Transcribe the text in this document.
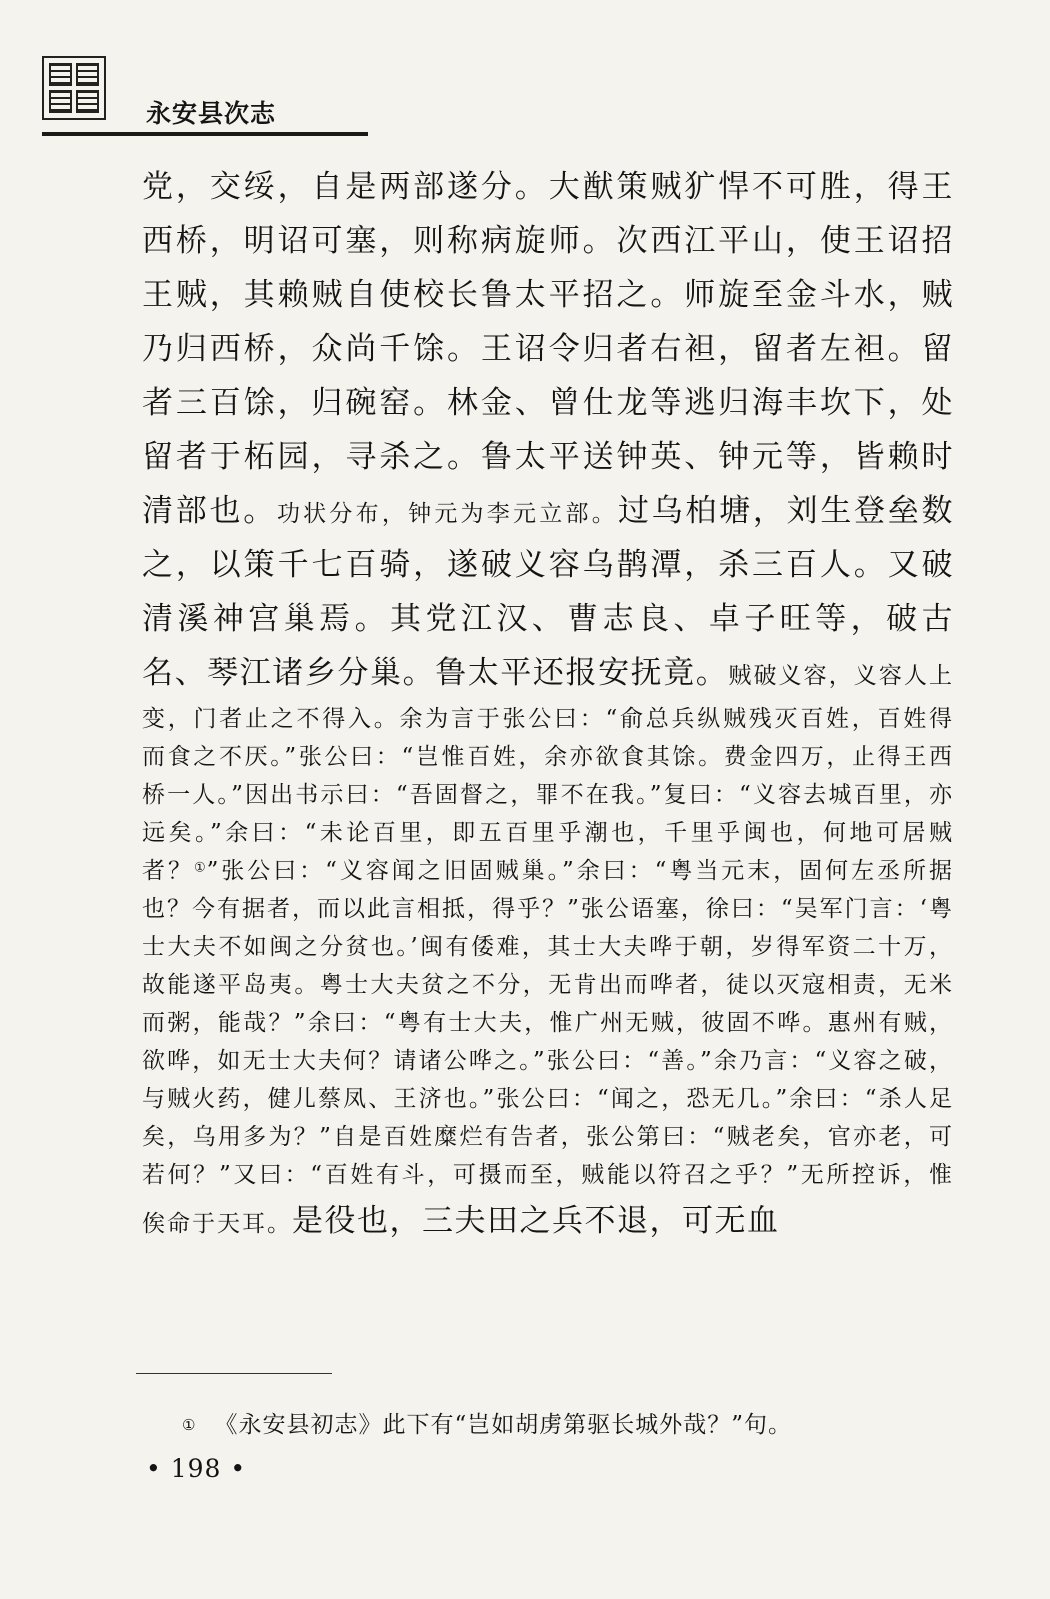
永安县次志

党，交绥，自是两部遂分。大猷策贼犷悍不可胜，得王西桥，明诏可塞，则称病旋师。次西江平山，使王诏招王贼，其赖贼自使校长鲁太平招之。师旋至金斗水，贼乃归西桥，众尚千馀。王诏令归者右袒，留者左袒。留者三百馀，归碗窑。林金、曾仕龙等逃归海丰坎下，处留者于柘园，寻杀之。鲁太平送钟英、钟元等，皆赖时清部也。功状分布，钟元为李元立部。过乌柏塘，刘生登垒数之，以策千七百骑，遂破义容乌鹊潭，杀三百人。又破清溪神宫巢焉。其党江汉、曹志良、卓子旺等，破古名、琴江诸乡分巢。鲁太平还报安抚竟。贼破义容，义容人上变，门者止之不得入。余为言于张公曰：“俞总兵纵贼残灭百姓，百姓得而食之不厌。”张公曰：“岂惟百姓，余亦欲食其馀。费金四万，止得王西桥一人。”因出书示曰：“吾固督之，罪不在我。”复曰：“义容去城百里，亦远矣。”余曰：“未论百里，即五百里乎潮也，千里乎闽也，何地可居贼者？①”张公曰：“义容闻之旧固贼巢。”余曰：“粤当元末，固何左丞所据也？今有据者，而以此言相抵，得乎？”张公语塞，徐曰：“吴军门言：‘粤士大夫不如闽之分贫也。’闽有倭难，其士大夫哗于朝，岁得军资二十万，故能遂平岛夷。粤士大夫贫之不分，无肯出而哗者，徒以灭寇相责，无米而粥，能哉？”余曰：“粤有士大夫，惟广州无贼，彼固不哗。惠州有贼，欲哗，如无士大夫何？请诸公哗之。”张公曰：“善。”余乃言：“义容之破，与贼火药，健儿蔡凤、王济也。”张公曰：“闻之，恐无几。”余曰：“杀人足矣，乌用多为？”自是百姓糜烂有告者，张公第曰：“贼老矣，官亦老，可若何？”又曰：“百姓有斗，可摄而至，贼能以符召之乎？”无所控诉，惟俟命于天耳。是役也，三夫田之兵不退，可无血

① 《永安县初志》此下有“岂如胡虏第驱长城外哉？”句。

• 198 •
